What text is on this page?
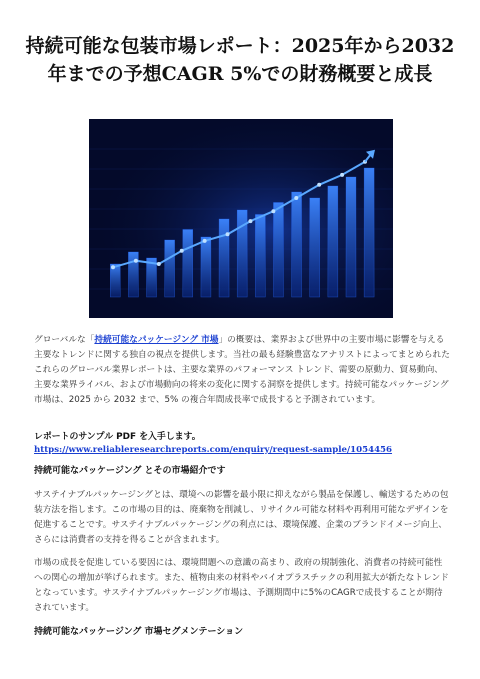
持続可能な包装市場レポート：2025年から2032
年までの予想CAGR 5%での財務概要と成長
グローバルな「持続可能なパッケージング 市場」の概要は、業界および世界中の主要市場に影響を与える主要なトレンドに関する独自の視点を提供します。当社の最も経験豊富なアナリストによってまとめられたこれらのグローバル業界レポートは、主要な業界のパフォーマンス トレンド、需要の原動力、貿易動向、主要な業界ライバル、および市場動向の将来の変化に関する洞察を提供します。持続可能なパッケージング 市場は、2025 から 2032 まで、5% の複合年間成長率で成長すると予測されています。
レポートのサンプル PDF を入手します。
https://www.reliableresearchreports.com/enquiry/request-sample/1054456
持続可能なパッケージング とその市場紹介です
サステイナブルパッケージングとは、環境への影響を最小限に抑えながら製品を保護し、輸送するための包装方法を指します。この市場の目的は、廃棄物を削減し、リサイクル可能な材料や再利用可能なデザインを促進することです。サステイナブルパッケージングの利点には、環境保護、企業のブランドイメージ向上、さらには消費者の支持を得ることが含まれます。
市場の成長を促進している要因には、環境問題への意識の高まり、政府の規制強化、消費者の持続可能性への関心の増加が挙げられます。また、植物由来の材料やバイオプラスチックの利用拡大が新たなトレンドとなっています。サステイナブルパッケージング市場は、予測期間中に5%のCAGRで成長することが期待されています。
持続可能なパッケージング 市場セグメンテーション
